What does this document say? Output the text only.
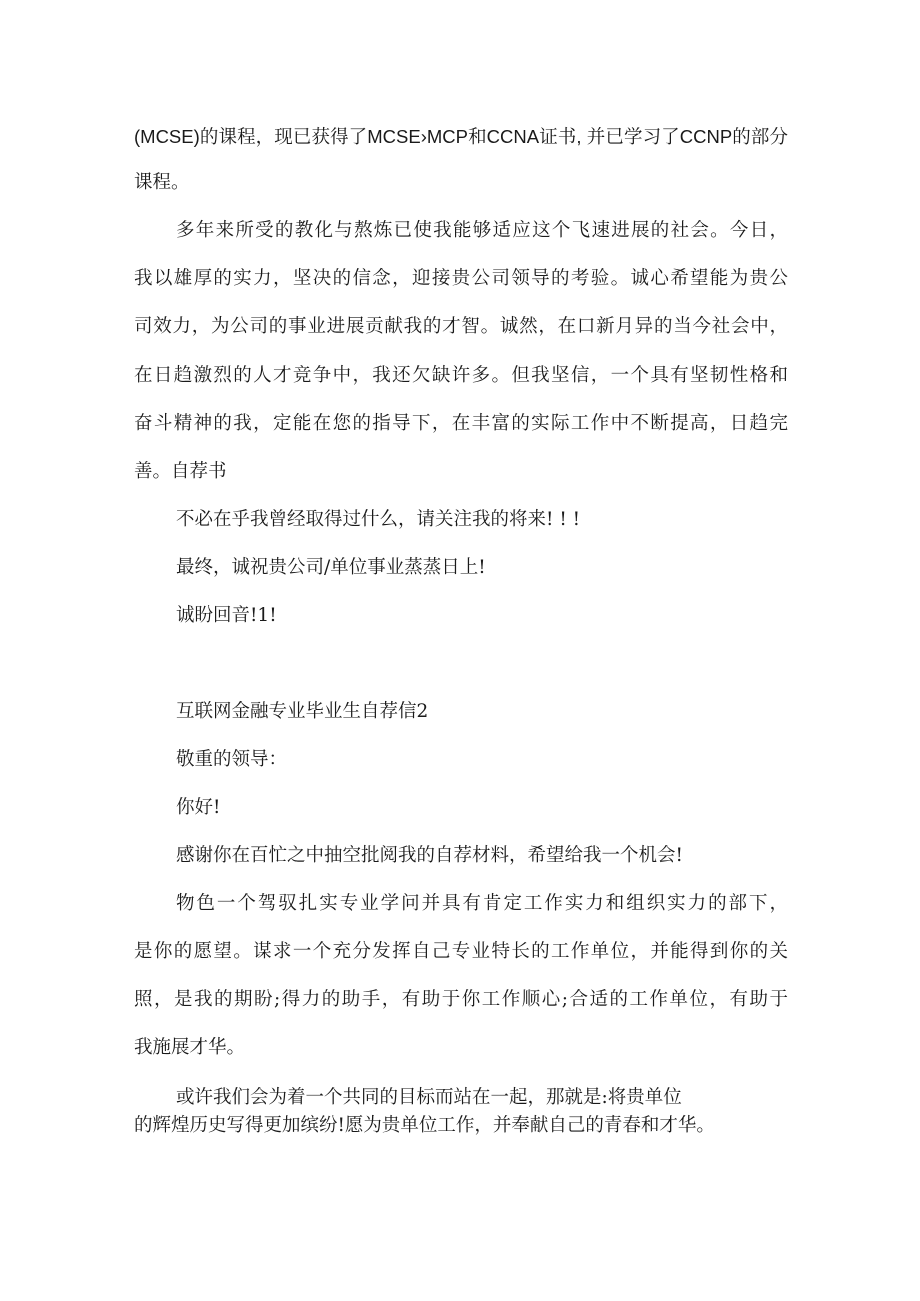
(MCSE)的课程，现已获得了MCSE›MCP和CCNA证书, 并已学习了CCNP的部分
课程。
多年来所受的教化与熬炼已使我能够适应这个飞速进展的社会。今日，
我以雄厚的实力，坚决的信念，迎接贵公司领导的考验。诚心希望能为贵公
司效力，为公司的事业进展贡献我的才智。诚然，在口新月异的当今社会中，
在日趋激烈的人才竞争中，我还欠缺许多。但我坚信，一个具有坚韧性格和
奋斗精神的我，定能在您的指导下，在丰富的实际工作中不断提高，日趋完
善。自荐书
不必在乎我曾经取得过什么，请关注我的将来! ! !
最终，诚祝贵公司/单位事业蒸蒸日上!
诚盼回音!1!
互联网金融专业毕业生自荐信2
敬重的领导：
你好!
感谢你在百忙之中抽空批阅我的自荐材料，希望给我一个机会!
物色一个驾驭扎实专业学问并具有肯定工作实力和组织实力的部下，
是你的愿望。谋求一个充分发挥自己专业特长的工作单位，并能得到你的关
照，是我的期盼;得力的助手，有助于你工作顺心;合适的工作单位，有助于
我施展才华。
或许我们会为着一个共同的目标而站在一起，那就是:将贵单位
的辉煌历史写得更加缤纷!愿为贵单位工作，并奉献自己的青春和才华。
